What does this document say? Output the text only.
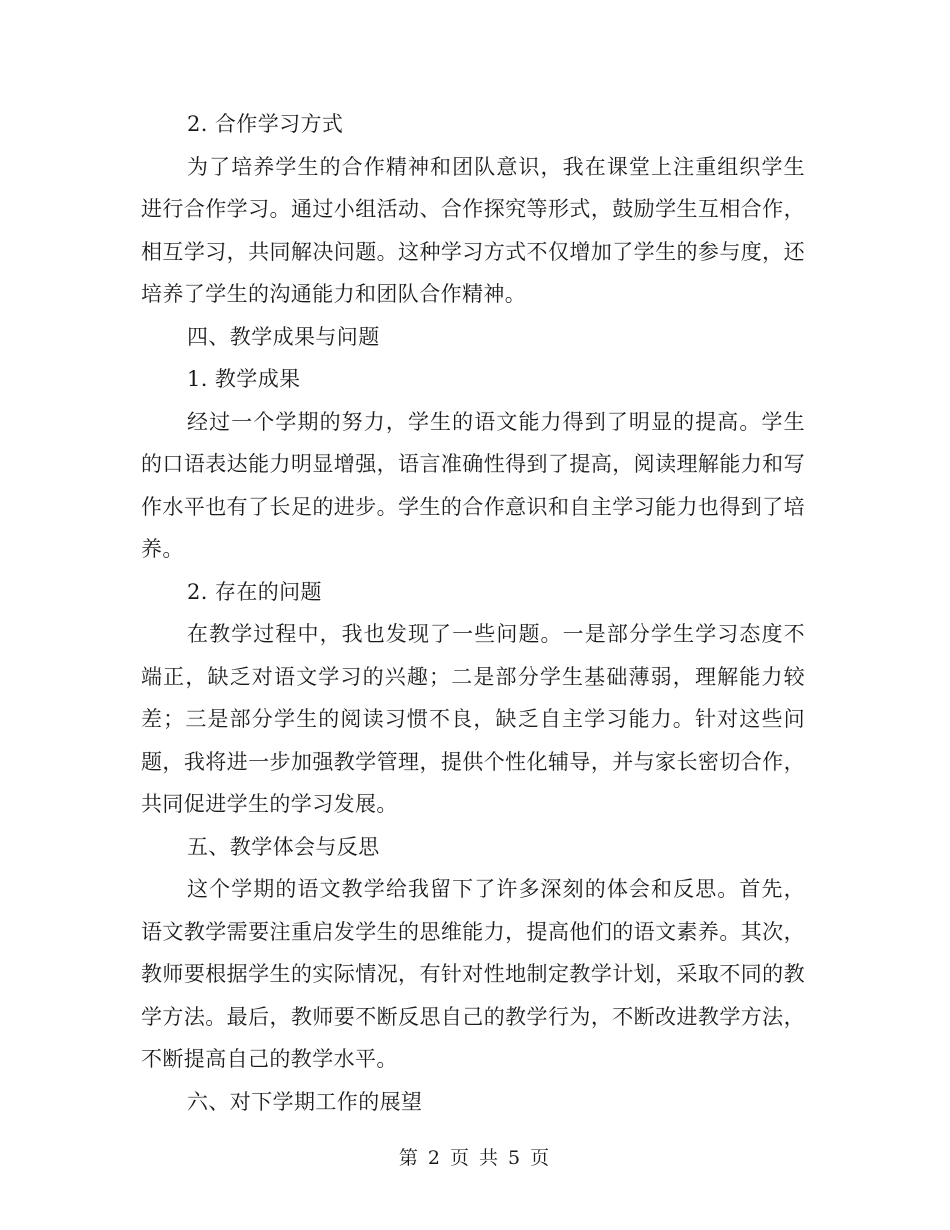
2. 合作学习方式

为了培养学生的合作精神和团队意识，我在课堂上注重组织学生进行合作学习。通过小组活动、合作探究等形式，鼓励学生互相合作，相互学习，共同解决问题。这种学习方式不仅增加了学生的参与度，还培养了学生的沟通能力和团队合作精神。

四、教学成果与问题

1. 教学成果

经过一个学期的努力，学生的语文能力得到了明显的提高。学生的口语表达能力明显增强，语言准确性得到了提高，阅读理解能力和写作水平也有了长足的进步。学生的合作意识和自主学习能力也得到了培养。

2. 存在的问题

在教学过程中，我也发现了一些问题。一是部分学生学习态度不端正，缺乏对语文学习的兴趣；二是部分学生基础薄弱，理解能力较差；三是部分学生的阅读习惯不良，缺乏自主学习能力。针对这些问题，我将进一步加强教学管理，提供个性化辅导，并与家长密切合作，共同促进学生的学习发展。

五、教学体会与反思

这个学期的语文教学给我留下了许多深刻的体会和反思。首先，语文教学需要注重启发学生的思维能力，提高他们的语文素养。其次，教师要根据学生的实际情况，有针对性地制定教学计划，采取不同的教学方法。最后，教师要不断反思自己的教学行为，不断改进教学方法，不断提高自己的教学水平。

六、对下学期工作的展望

第 2 页 共 5 页
